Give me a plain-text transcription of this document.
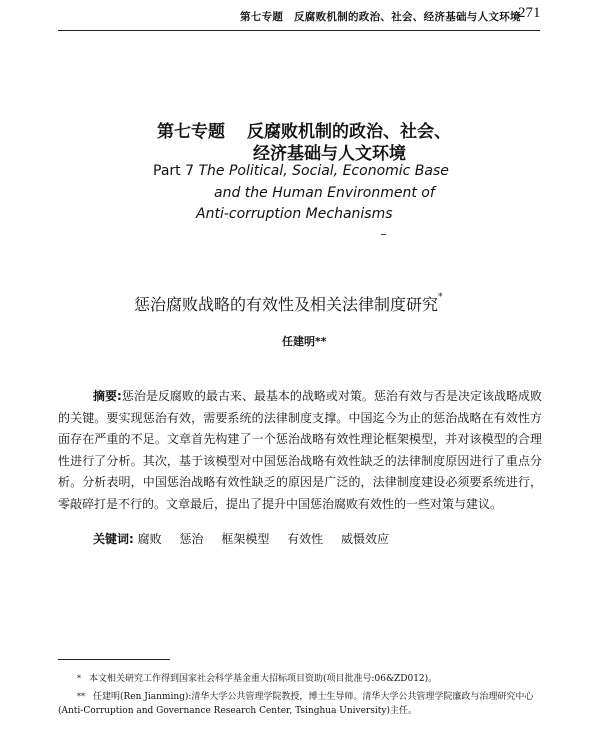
第七专题　反腐败机制的政治、社会、经济基础与人文环境
271
第七专题 反腐败机制的政治、社会、
经济基础与人文环境
Part 7 The Political, Social, Economic Base
and the Human Environment of
Anti-corruption Mechanisms
惩治腐败战略的有效性及相关法律制度研究*
任建明**
摘要:惩治是反腐败的最古来、最基本的战略或对策。惩治有效与否是决定该战略成败的关键。要实现惩治有效，需要系统的法律制度支撑。中国迄今为止的惩治战略在有效性方面存在严重的不足。文章首先构建了一个惩治战略有效性理论框架模型，并对该模型的合理性进行了分析。其次，基于该模型对中国惩治战略有效性缺乏的法律制度原因进行了重点分析。分析表明，中国惩治战略有效性缺乏的原因是广泛的，法律制度建设必须要系统进行，零敲碎打是不行的。文章最后，提出了提升中国惩治腐败有效性的一些对策与建议。
关键词: 腐败 惩治 框架模型 有效性 威慑效应
* 本文相关研究工作得到国家社会科学基金重大招标项目资助(项目批准号:06&ZD012)。
** 任建明(Ren Jianming):清华大学公共管理学院教授，博士生导师。清华大学公共管理学院廉政与治理研究中心(Anti-Corruption and Governance Research Center, Tsinghua University)主任。
